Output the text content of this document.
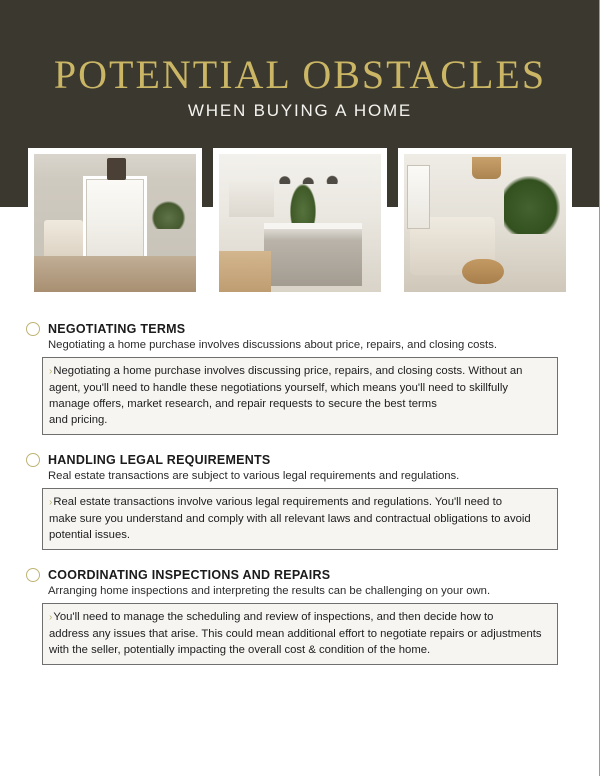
POTENTIAL OBSTACLES
WHEN BUYING A HOME
NEGOTIATING TERMS
Negotiating a home purchase involves discussions about price, repairs, and closing costs.
›Negotiating a home purchase involves discussing price, repairs, and closing costs. Without an
agent, you'll need to handle these negotiations yourself, which means you'll need to skillfully manage offers, market research, and repair requests to secure the best terms
and pricing.
HANDLING LEGAL REQUIREMENTS
Real estate transactions are subject to various legal requirements and regulations.
›Real estate transactions involve various legal requirements and regulations. You'll need to
make sure you understand and comply with all relevant laws and contractual obligations to avoid potential issues.
COORDINATING INSPECTIONS AND REPAIRS
Arranging home inspections and interpreting the results can be challenging on your own.
›You'll need to manage the scheduling and review of inspections, and then decide how to
address any issues that arise. This could mean additional effort to negotiate repairs or adjustments with the seller, potentially impacting the overall cost & condition of the home.
